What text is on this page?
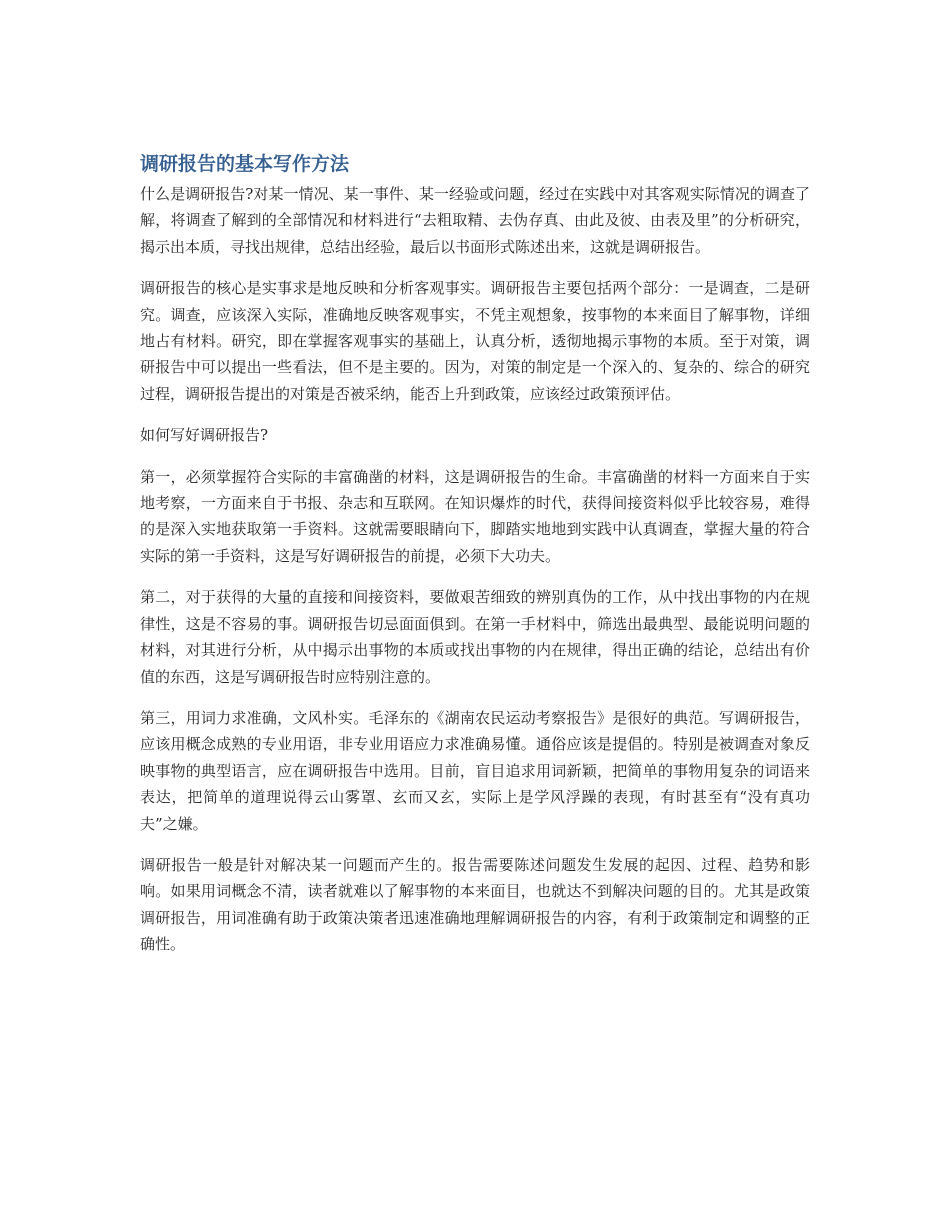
调研报告的基本写作方法

什么是调研报告?对某一情况、某一事件、某一经验或问题，经过在实践中对其客观实际情况的调查了解，将调查了解到的全部情况和材料进行“去粗取精、去伪存真、由此及彼、由表及里”的分析研究，揭示出本质，寻找出规律，总结出经验，最后以书面形式陈述出来，这就是调研报告。

调研报告的核心是实事求是地反映和分析客观事实。调研报告主要包括两个部分：一是调查，二是研究。调查，应该深入实际，准确地反映客观事实，不凭主观想象，按事物的本来面目了解事物，详细地占有材料。研究，即在掌握客观事实的基础上，认真分析，透彻地揭示事物的本质。至于对策，调研报告中可以提出一些看法，但不是主要的。因为，对策的制定是一个深入的、复杂的、综合的研究过程，调研报告提出的对策是否被采纳，能否上升到政策，应该经过政策预评估。

如何写好调研报告?

第一，必须掌握符合实际的丰富确凿的材料，这是调研报告的生命。丰富确凿的材料一方面来自于实地考察，一方面来自于书报、杂志和互联网。在知识爆炸的时代，获得间接资料似乎比较容易，难得的是深入实地获取第一手资料。这就需要眼睛向下，脚踏实地地到实践中认真调查，掌握大量的符合实际的第一手资料，这是写好调研报告的前提，必须下大功夫。

第二，对于获得的大量的直接和间接资料，要做艰苦细致的辨别真伪的工作，从中找出事物的内在规律性，这是不容易的事。调研报告切忌面面俱到。在第一手材料中，筛选出最典型、最能说明问题的材料，对其进行分析，从中揭示出事物的本质或找出事物的内在规律，得出正确的结论，总结出有价值的东西，这是写调研报告时应特别注意的。

第三，用词力求准确，文风朴实。毛泽东的《湖南农民运动考察报告》是很好的典范。写调研报告，应该用概念成熟的专业用语，非专业用语应力求准确易懂。通俗应该是提倡的。特别是被调查对象反映事物的典型语言，应在调研报告中选用。目前，盲目追求用词新颖，把简单的事物用复杂的词语来表达，把简单的道理说得云山雾罩、玄而又玄，实际上是学风浮躁的表现，有时甚至有“没有真功夫”之嫌。

调研报告一般是针对解决某一问题而产生的。报告需要陈述问题发生发展的起因、过程、趋势和影响。如果用词概念不清，读者就难以了解事物的本来面目，也就达不到解决问题的目的。尤其是政策调研报告，用词准确有助于政策决策者迅速准确地理解调研报告的内容，有利于政策制定和调整的正确性。
